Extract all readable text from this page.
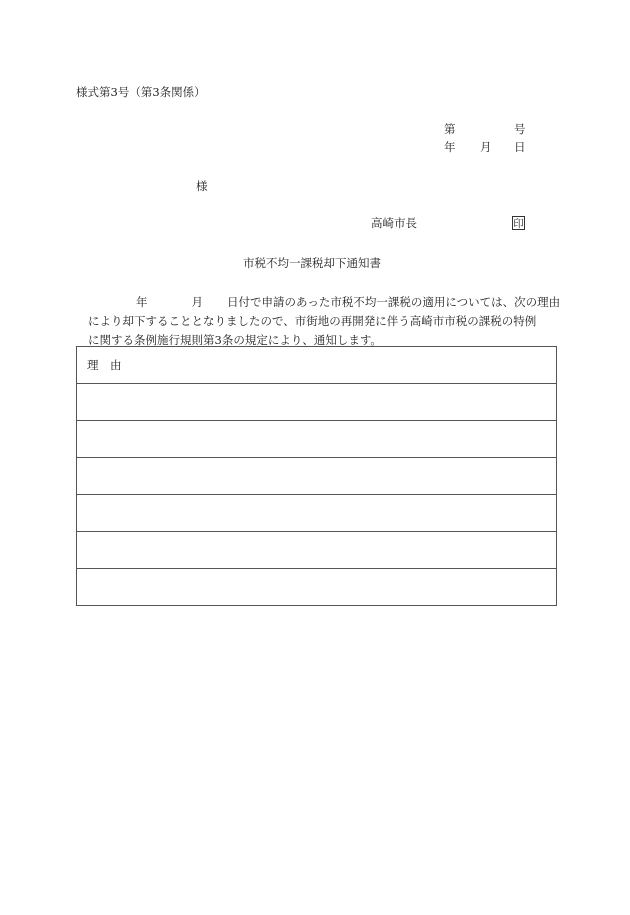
様式第3号（第3条関係）
第	号
年 月 日
様
高崎市長	印
市税不均一課税却下通知書
年	月 日付で申請のあった市税不均一課税の適用については、次の理由
により却下することとなりましたので、市街地の再開発に伴う高崎市市税の課税の特例
に関する条例施行規則第3条の規定により、通知します。
理　由
